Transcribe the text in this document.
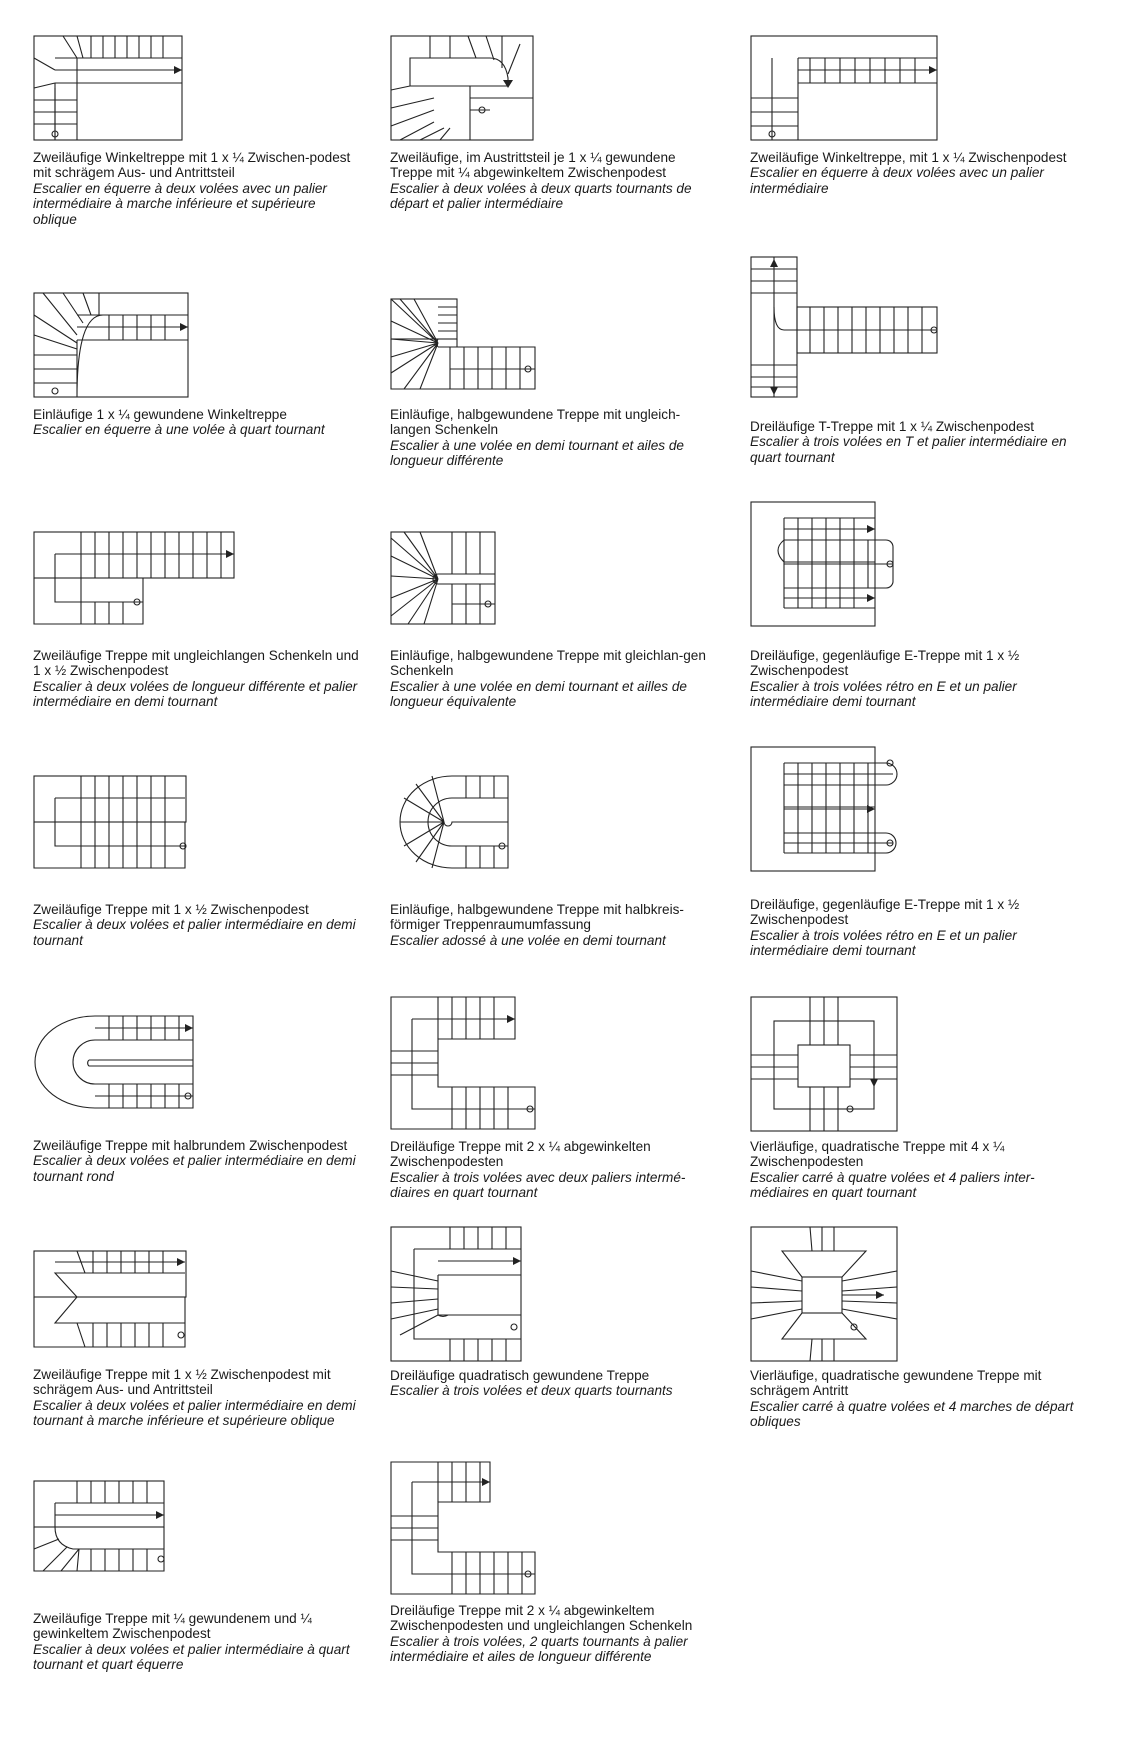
Zweiläufige Winkeltreppe mit 1 x ¼ Zwischen-podest mit schrägem Aus- und Antrittsteil
Escalier en équerre à deux volées avec un palier intermédiaire à marche inférieure et supérieure oblique
Zweiläufige, im Austrittsteil je 1 x ¼ gewundene Treppe mit ¼ abgewinkeltem Zwischenpodest
Escalier à deux volées à deux quarts tournants de départ et palier intermédiaire
Zweiläufige Winkeltreppe, mit 1 x ¼ Zwischenpodest
Escalier en équerre à deux volées avec un palier intermédiaire
Einläufige 1 x ¼ gewundene Winkeltreppe
Escalier en équerre à une volée à quart tournant
Einläufige, halbgewundene Treppe mit ungleich-langen Schenkeln
Escalier à une volée en demi tournant et ailes de longueur différente
Dreiläufige T-Treppe mit 1 x ¼ Zwischenpodest
Escalier à trois volées en T et palier intermédiaire en quart tournant
Zweiläufige Treppe mit ungleichlangen Schenkeln und 1 x ½ Zwischenpodest
Escalier à deux volées de longueur différente et palier intermédiaire en demi tournant
Einläufige, halbgewundene Treppe mit gleichlan-gen Schenkeln
Escalier à une volée en demi tournant et ailles de longueur équivalente
Dreiläufige, gegenläufige E-Treppe mit 1 x ½ Zwischenpodest
Escalier à trois volées rétro en E et un palier intermédiaire demi tournant
Zweiläufige Treppe mit 1 x ½ Zwischenpodest
Escalier à deux volées et palier intermédiaire en demi tournant
Einläufige, halbgewundene Treppe mit halbkreis-förmiger Treppenraumumfassung
Escalier adossé à une volée en demi tournant
Dreiläufige, gegenläufige E-Treppe mit 1 x ½ Zwischenpodest
Escalier à trois volées rétro en E et un palier intermédiaire demi tournant
Zweiläufige Treppe mit halbrundem Zwischenpodest
Escalier à deux volées et palier intermédiaire en demi tournant rond
Dreiläufige Treppe mit 2 x ¼ abgewinkelten Zwischenpodesten
Escalier à trois volées avec deux paliers intermé-diaires en quart tournant
Vierläufige, quadratische Treppe mit 4 x ¼ Zwischenpodesten
Escalier carré à quatre volées et 4 paliers inter-médiaires en quart tournant
Zweiläufige Treppe mit 1 x ½ Zwischenpodest mit schrägem Aus- und Antrittsteil
Escalier à deux volées et palier intermédiaire en demi tournant à marche inférieure et supérieure oblique
Dreiläufige quadratisch gewundene Treppe
Escalier à trois volées et deux quarts tournants
Vierläufige, quadratische gewundene Treppe mit schrägem Antritt
Escalier carré à quatre volées et 4 marches de départ obliques
Zweiläufige Treppe mit ¼ gewundenem und ¼ gewinkeltem Zwischenpodest
Escalier à deux volées et palier intermédiaire à quart tournant et quart équerre
Dreiläufige Treppe mit 2 x ¼ abgewinkeltem Zwischenpodesten und ungleichlangen Schenkeln
Escalier à trois volées, 2 quarts tournants à palier intermédiaire et ailes de longueur différente
